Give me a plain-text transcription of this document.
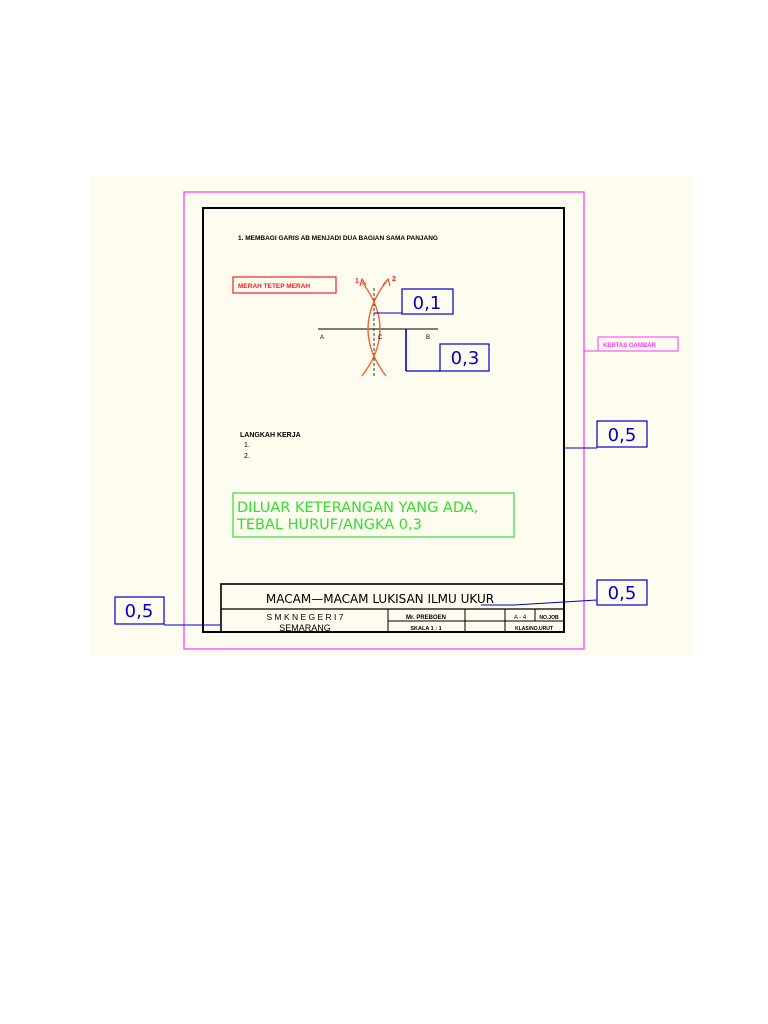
1. MEMBAGI GARIS AB MENJADI DUA BAGIAN SAMA PANJANG
MERAH TETEP MERAH
1	2
A	C	B
0,1
0,3
KERTAS GAMBAR
0,5
LANGKAH KERJA
1.
2.
DILUAR KETERANGAN YANG ADA,
TEBAL HURUF/ANGKA 0,3
MACAM—MACAM LUKISAN ILMU UKUR	0,5
S M K N E G E R I 7
SEMARANG
Mr. PREBOEN
SKALA 1 : 1
A - 4	NO.JOB
KLAS/NO.URUT
0,5
